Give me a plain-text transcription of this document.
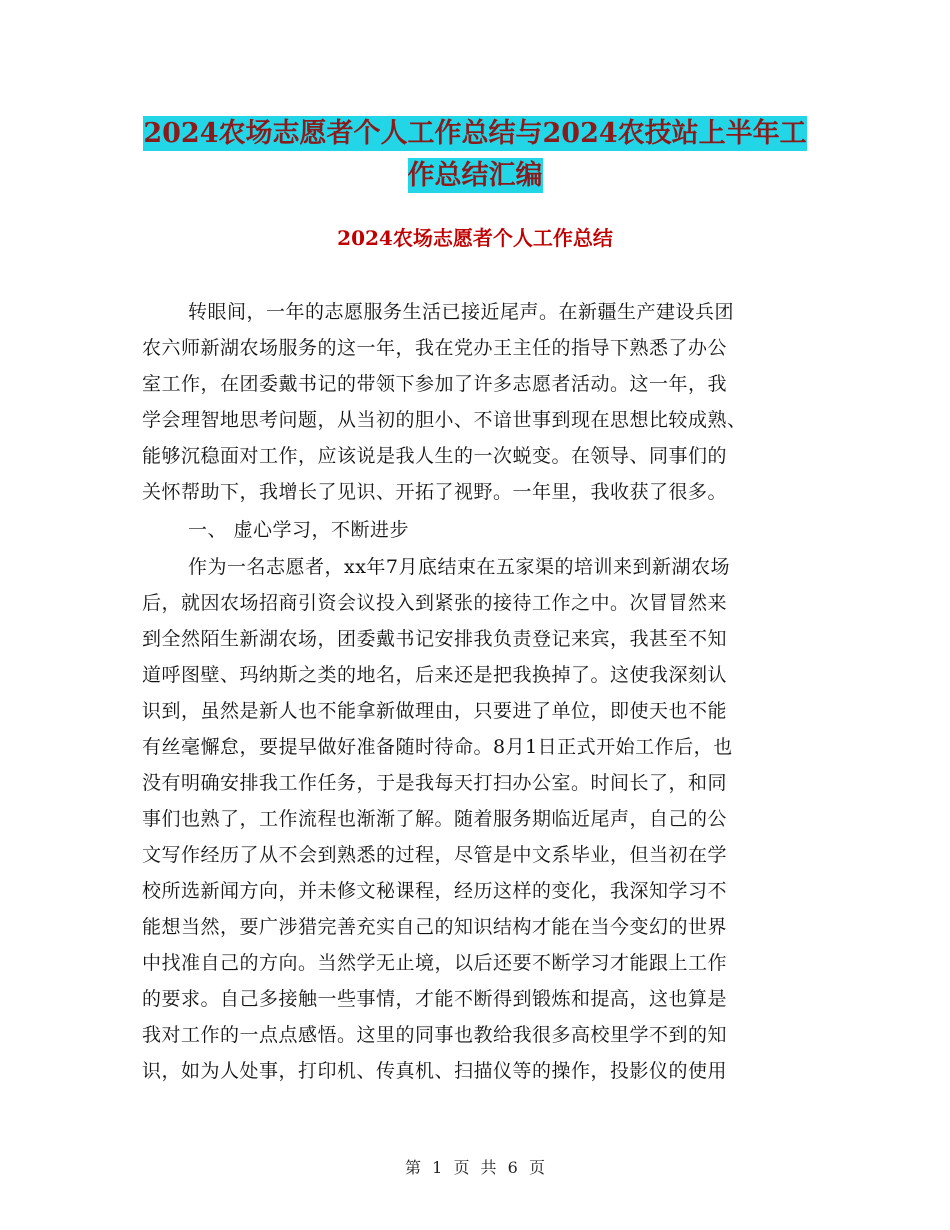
2024农场志愿者个人工作总结与2024农技站上半年工
作总结汇编
2024农场志愿者个人工作总结
转眼间，一年的志愿服务生活已接近尾声。在新疆生产建设兵团
农六师新湖农场服务的这一年，我在党办王主任的指导下熟悉了办公
室工作，在团委戴书记的带领下参加了许多志愿者活动。这一年，我
学会理智地思考问题，从当初的胆小、不谙世事到现在思想比较成熟、
能够沉稳面对工作，应该说是我人生的一次蜕变。在领导、同事们的
关怀帮助下，我增长了见识、开拓了视野。一年里，我收获了很多。
一、 虚心学习，不断进步
作为一名志愿者，xx年7月底结束在五家渠的培训来到新湖农场
后，就因农场招商引资会议投入到紧张的接待工作之中。次冒冒然来
到全然陌生新湖农场，团委戴书记安排我负责登记来宾，我甚至不知
道呼图壁、玛纳斯之类的地名，后来还是把我换掉了。这使我深刻认
识到，虽然是新人也不能拿新做理由，只要进了单位，即使天也不能
有丝毫懈怠，要提早做好准备随时待命。8月1日正式开始工作后，也
没有明确安排我工作任务，于是我每天打扫办公室。时间长了，和同
事们也熟了，工作流程也渐渐了解。随着服务期临近尾声，自己的公
文写作经历了从不会到熟悉的过程，尽管是中文系毕业，但当初在学
校所选新闻方向，并未修文秘课程，经历这样的变化，我深知学习不
能想当然，要广涉猎完善充实自己的知识结构才能在当今变幻的世界
中找准自己的方向。当然学无止境，以后还要不断学习才能跟上工作
的要求。自己多接触一些事情，才能不断得到锻炼和提高，这也算是
我对工作的一点点感悟。这里的同事也教给我很多高校里学不到的知
识，如为人处事，打印机、传真机、扫描仪等的操作，投影仪的使用
第 1 页 共 6 页
